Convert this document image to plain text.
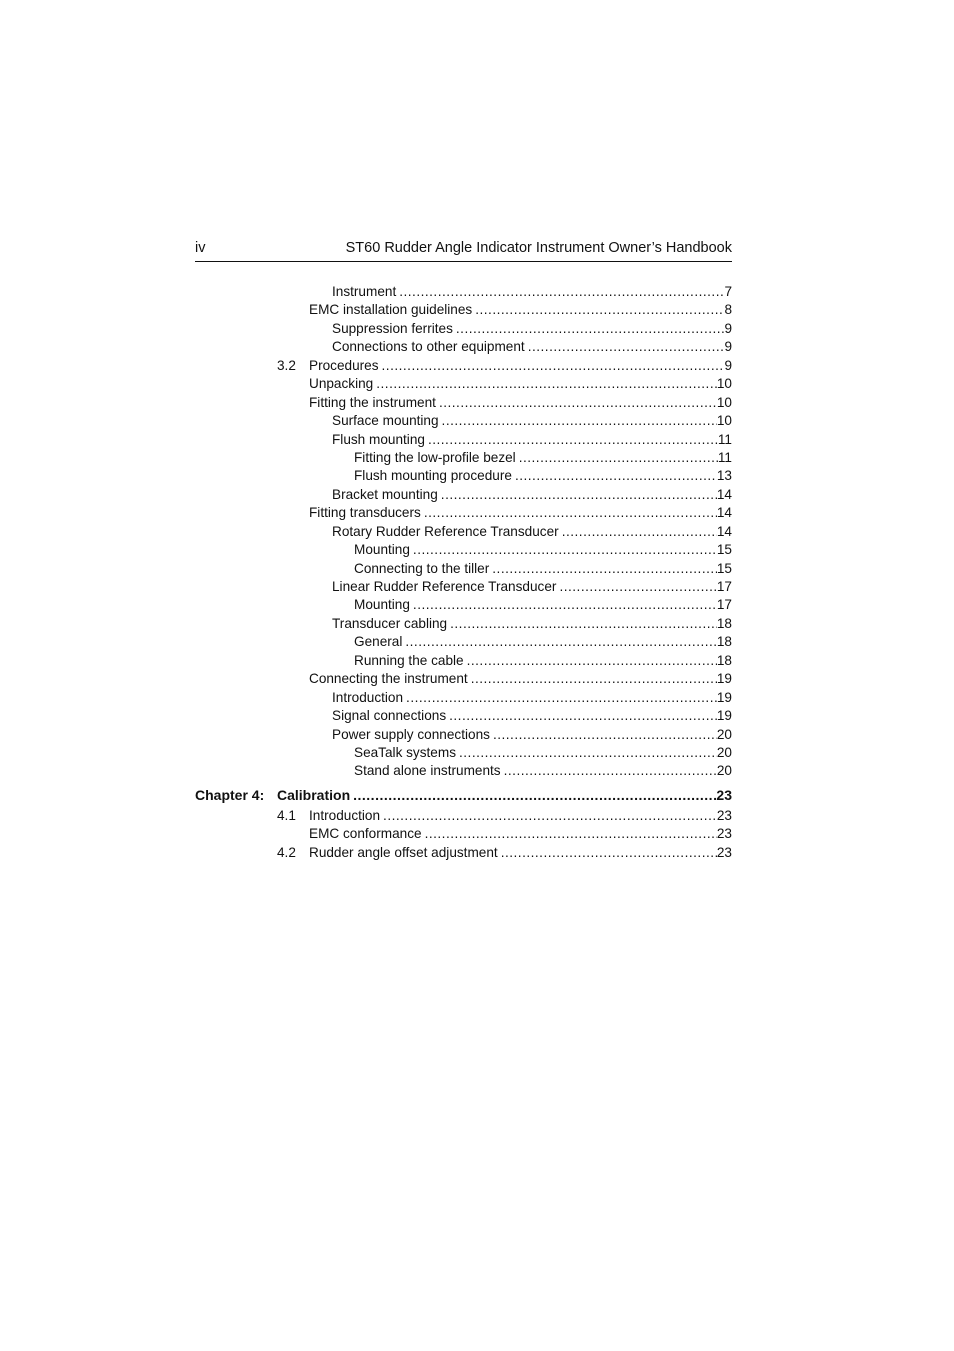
iv	ST60 Rudder Angle Indicator Instrument Owner’s Handbook
Instrument .....	7
EMC installation guidelines .....	8
Suppression ferrites .....	9
Connections to other equipment .....	9
3.2 Procedures .....	9
Unpacking .....	10
Fitting the instrument .....	10
Surface mounting .....	10
Flush mounting .....	11
Fitting the low-profile bezel .....	11
Flush mounting procedure .....	13
Bracket mounting .....	14
Fitting transducers .....	14
Rotary Rudder Reference Transducer .....	14
Mounting .....	15
Connecting to the tiller .....	15
Linear Rudder Reference Transducer .....	17
Mounting .....	17
Transducer cabling .....	18
General .....	18
Running the cable .....	18
Connecting the instrument .....	19
Introduction .....	19
Signal connections .....	19
Power supply connections .....	20
SeaTalk systems .....	20
Stand alone instruments .....	20
Chapter 4: Calibration .....	23
4.1 Introduction .....	23
EMC conformance .....	23
4.2 Rudder angle offset adjustment .....	23
